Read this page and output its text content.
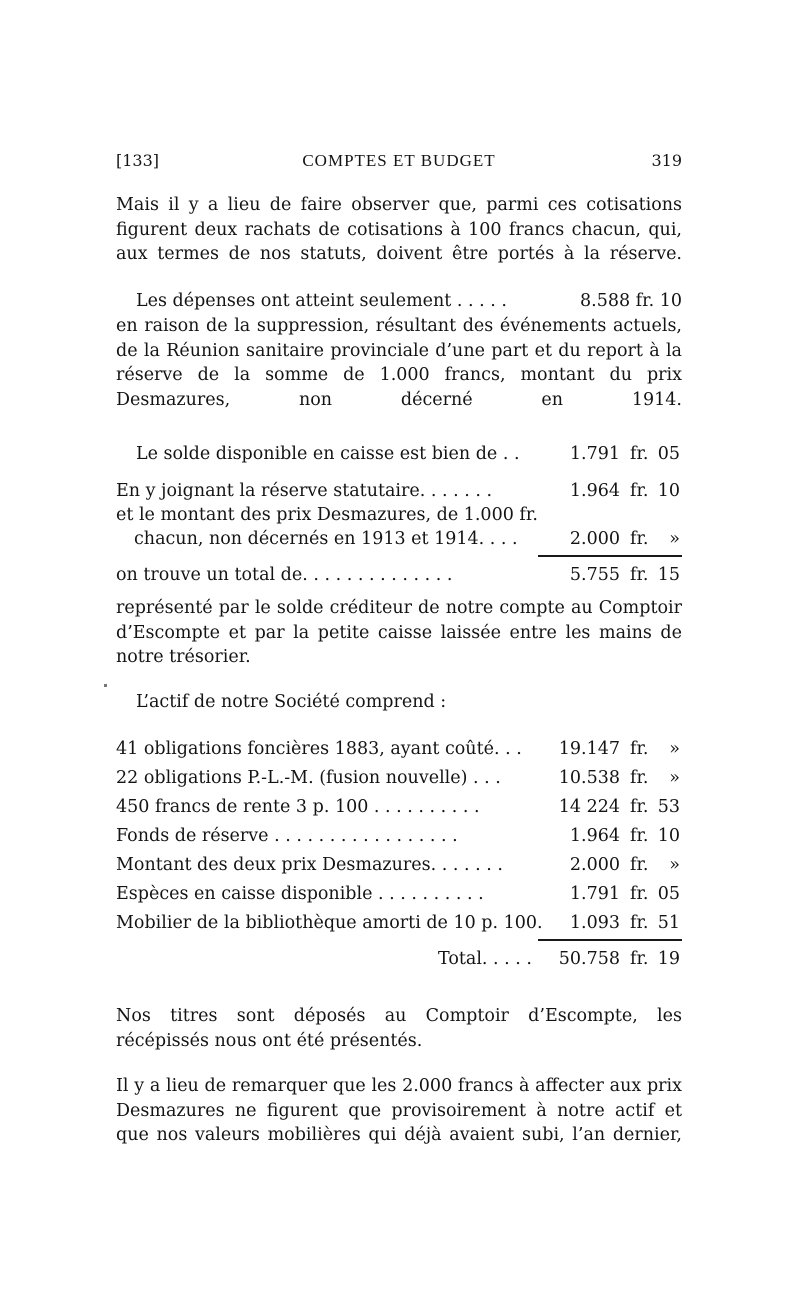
[133]	COMPTES ET BUDGET	319
Mais il y a lieu de faire observer que, parmi ces cotisations figurent deux rachats de cotisations à 100 francs chacun, qui, aux termes de nos statuts, doivent être portés à la réserve.
Les dépenses ont atteint seulement . . . . .	8.588 fr. 10
en raison de la suppression, résultant des événements actuels, de la Réunion sanitaire provinciale d’une part et du report à la réserve de la somme de 1.000 francs, montant du prix Desmazures, non décerné en 1914.
Le solde disponible en caisse est bien de . .	1.791 fr. 05
En y joignant la réserve statutaire. . . . . . .	1.964 fr. 10
et le montant des prix Desmazures, de 1.000 fr.
chacun, non décernés en 1913 et 1914. . . .	2.000 fr.	»
on trouve un total de. . . . . . . . . . . . . .	5.755 fr. 15
représenté par le solde créditeur de notre compte au Comptoir d’Escompte et par la petite caisse laissée entre les mains de notre trésorier.
L’actif de notre Société comprend :
41 obligations foncières 1883, ayant coûté. . . 19.147 fr.	»
22 obligations P.-L.-M. (fusion nouvelle) . . .	10.538 fr.	»
450 francs de rente 3 p. 100 . . . . . . . . . .	14 224 fr. 53
Fonds de réserve . . . . . . . . . . . . . . . . .	1.964 fr. 10
Montant des deux prix Desmazures. . . . . . .	2.000 fr.	»
Espèces en caisse disponible . . . . . . . . . .	1.791 fr. 05
Mobilier de la bibliothèque amorti de 10 p. 100. 1.093 fr. 51
Total. . . . . 50.758 fr. 19
Nos titres sont déposés au Comptoir d’Escompte, les récépissés nous ont été présentés.
Il y a lieu de remarquer que les 2.000 francs à affecter aux prix Desmazures ne figurent que provisoirement à notre actif et que nos valeurs mobilières qui déjà avaient subi, l’an dernier,
